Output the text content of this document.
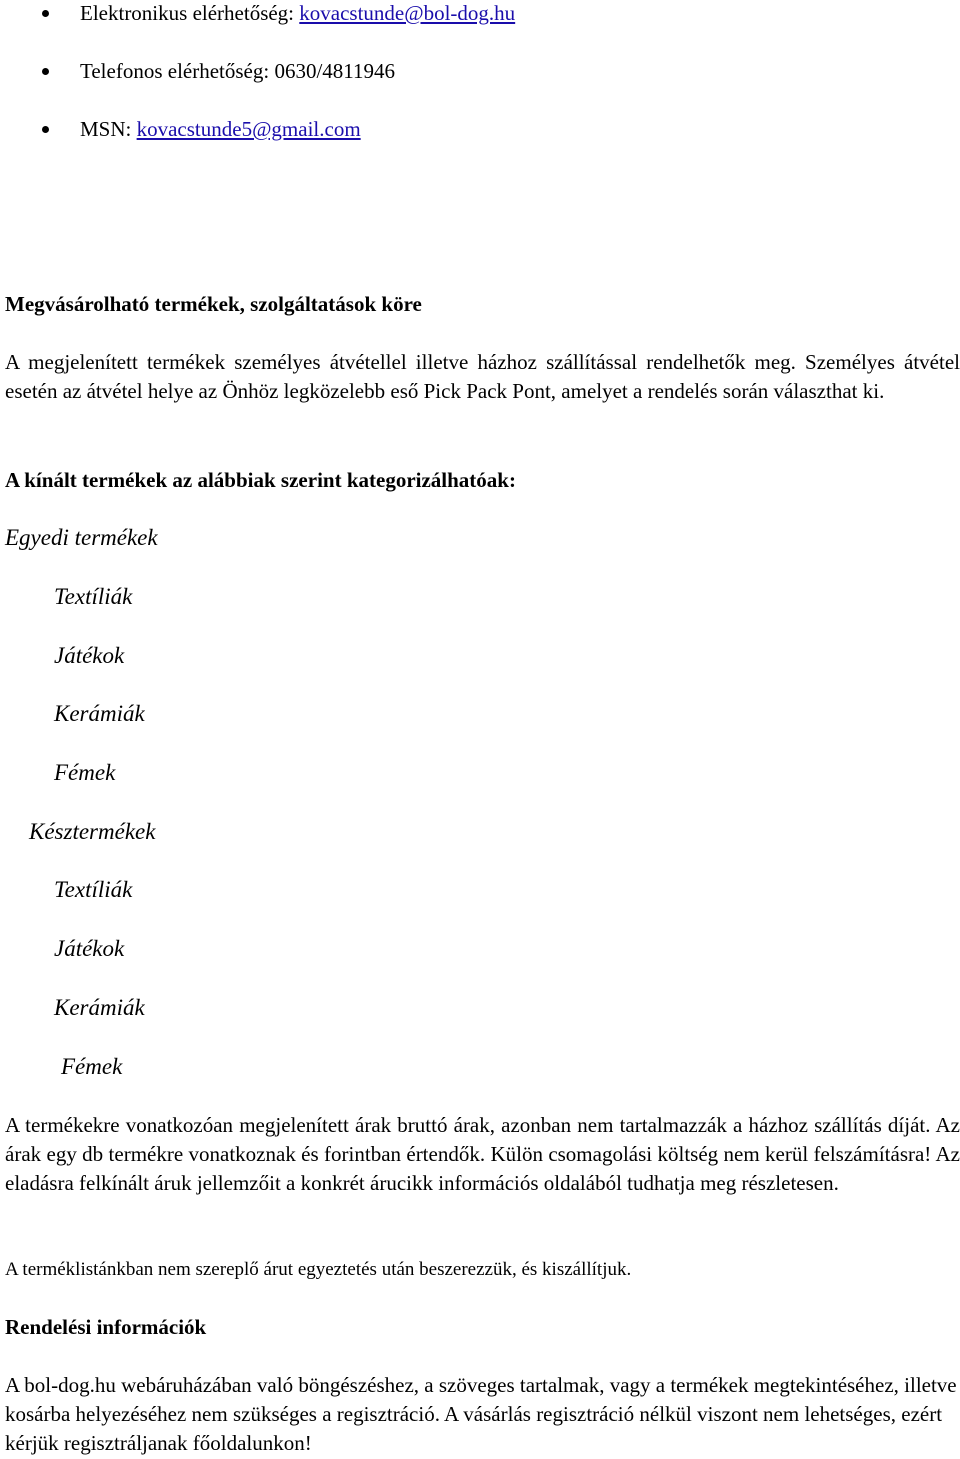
Elektronikus elérhetőség: kovacstunde@bol-dog.hu
Telefonos elérhetőség: 0630/4811946
MSN: kovacstunde5@gmail.com
Megvásárolható termékek, szolgáltatások köre
A megjelenített termékek személyes átvétellel illetve házhoz szállítással rendelhetők meg. Személyes átvétel esetén az átvétel helye az Önhöz legközelebb eső Pick Pack Pont, amelyet a rendelés során választhat ki.
A kínált termékek az alábbiak szerint kategorizálhatóak:
Egyedi termékek
Textíliák
Játékok
Kerámiák
Fémek
Késztermékek
Textíliák
Játékok
Kerámiák
Fémek
A termékekre vonatkozóan megjelenített árak bruttó árak, azonban nem tartalmazzák a házhoz szállítás díját. Az árak egy db termékre vonatkoznak és forintban értendők. Külön csomagolási költség nem kerül felszámításra! Az eladásra felkínált áruk jellemzőit a konkrét árucikk információs oldalából tudhatja meg részletesen.
A terméklistánkban nem szereplő árut egyeztetés után beszerezzük, és kiszállítjuk.
Rendelési információk
A bol-dog.hu webáruházában való böngészéshez, a szöveges tartalmak, vagy a termékek megtekintéséhez, illetve kosárba helyezéséhez nem szükséges a regisztráció. A vásárlás regisztráció nélkül viszont nem lehetséges, ezért kérjük regisztráljanak főoldalunkon!
